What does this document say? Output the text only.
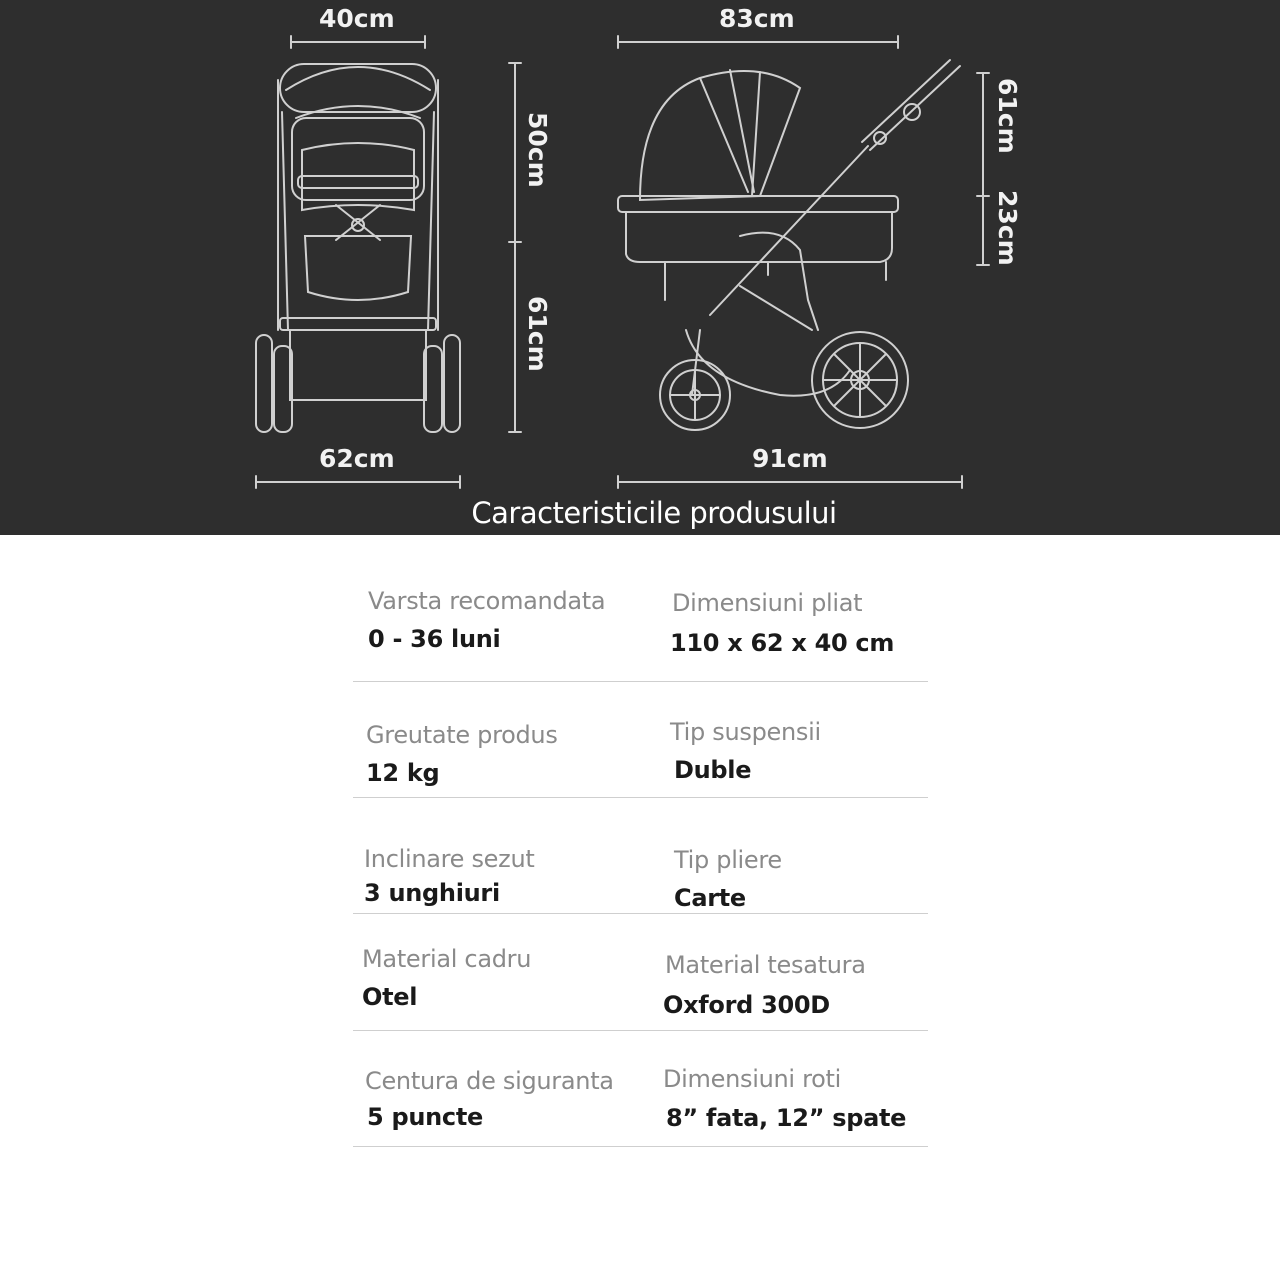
40cm
62cm
50cm
61cm
83cm
91cm
61cm
23cm
Caracteristicile produsului
Varsta recomandata
0 - 36 luni
Dimensiuni pliat
110 x 62 x 40 cm
Greutate produs
12 kg
Tip suspensii
Duble
Inclinare sezut
3 unghiuri
Tip pliere
Carte
Material cadru
Otel
Material tesatura
Oxford 300D
Centura de siguranta
5 puncte
Dimensiuni roti
8” fata, 12” spate
